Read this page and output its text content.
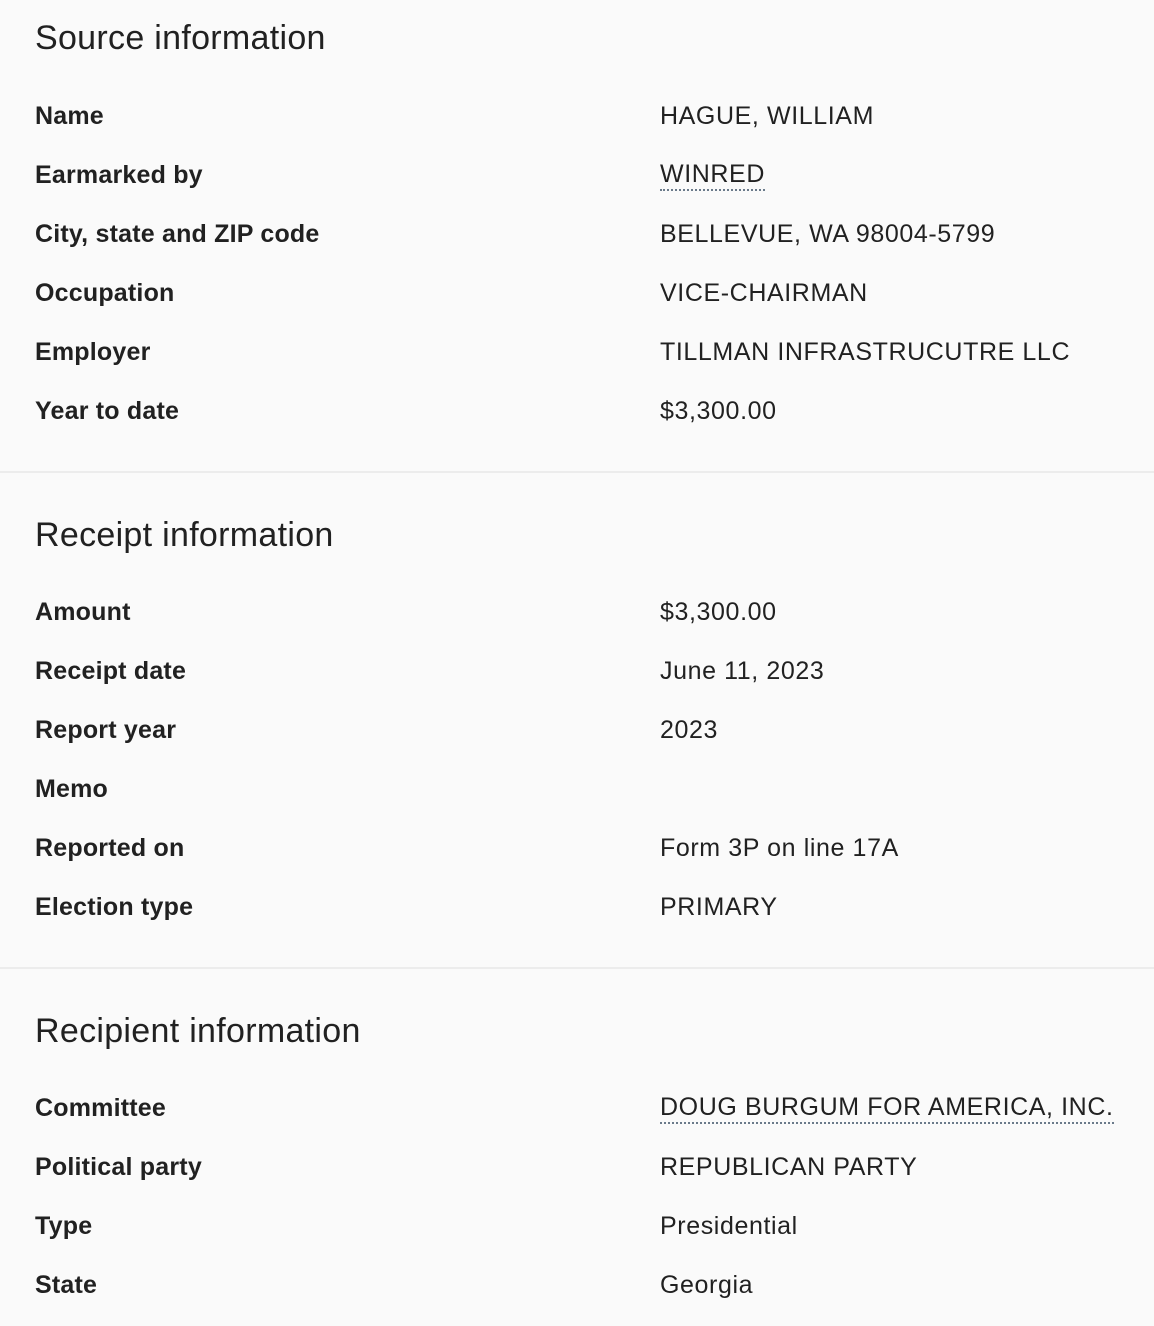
Source information
Name	HAGUE, WILLIAM
Earmarked by	WINRED
City, state and ZIP code	BELLEVUE, WA 98004-5799
Occupation	VICE-CHAIRMAN
Employer	TILLMAN INFRASTRUCUTRE LLC
Year to date	$3,300.00
Receipt information
Amount	$3,300.00
Receipt date	June 11, 2023
Report year	2023
Memo
Reported on	Form 3P on line 17A
Election type	PRIMARY
Recipient information
Committee	DOUG BURGUM FOR AMERICA, INC.
Political party	REPUBLICAN PARTY
Type	Presidential
State	Georgia
